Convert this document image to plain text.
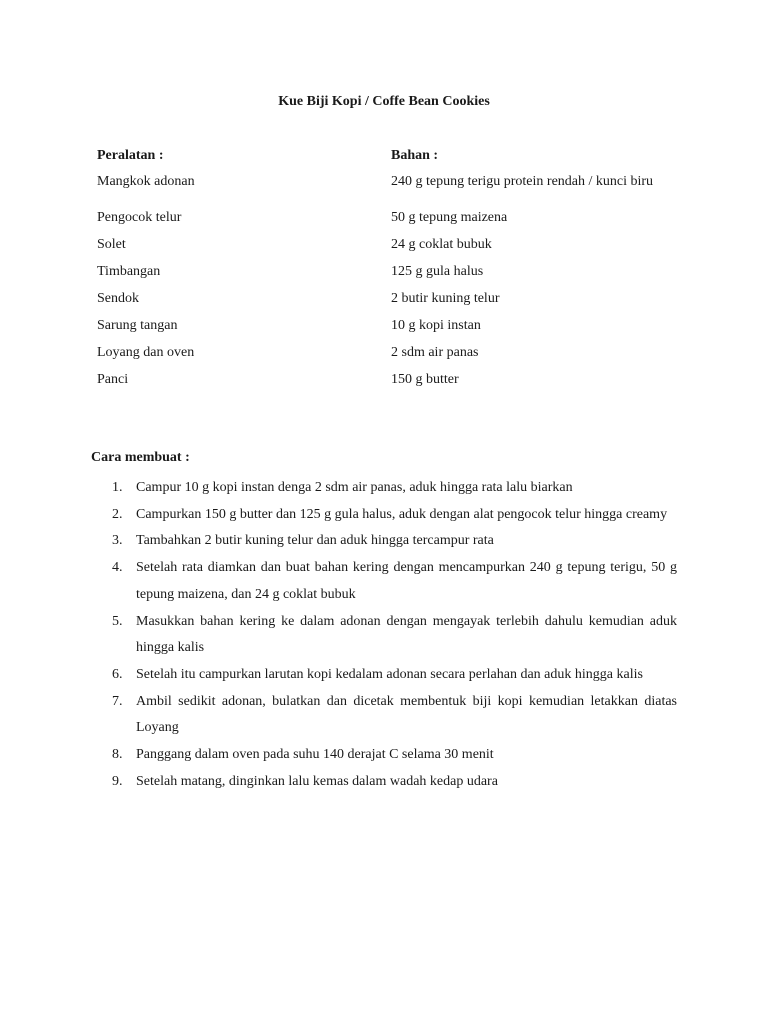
Kue Biji Kopi / Coffe Bean Cookies
Peralatan :	Bahan :
Mangkok adonan	240 g tepung terigu protein rendah / kunci biru
Pengocok telur	50 g tepung maizena
Solet	24 g coklat bubuk
Timbangan	125 g gula halus
Sendok	2 butir kuning telur
Sarung tangan	10 g kopi instan
Loyang dan oven	2 sdm air panas
Panci	150 g butter
Cara membuat :
1. Campur 10 g kopi instan denga 2 sdm air panas, aduk hingga rata lalu biarkan
2. Campurkan 150 g butter dan 125 g gula halus, aduk dengan alat pengocok telur hingga creamy
3. Tambahkan 2 butir kuning telur dan aduk hingga tercampur rata
4. Setelah rata diamkan dan buat bahan kering dengan mencampurkan 240 g tepung terigu, 50 g tepung maizena, dan 24 g coklat bubuk
5. Masukkan bahan kering ke dalam adonan dengan mengayak terlebih dahulu kemudian aduk hingga kalis
6. Setelah itu campurkan larutan kopi kedalam adonan secara perlahan dan aduk hingga kalis
7. Ambil sedikit adonan, bulatkan dan dicetak membentuk biji kopi kemudian letakkan diatas Loyang
8. Panggang dalam oven pada suhu 140 derajat C selama 30 menit
9. Setelah matang, dinginkan lalu kemas dalam wadah kedap udara
